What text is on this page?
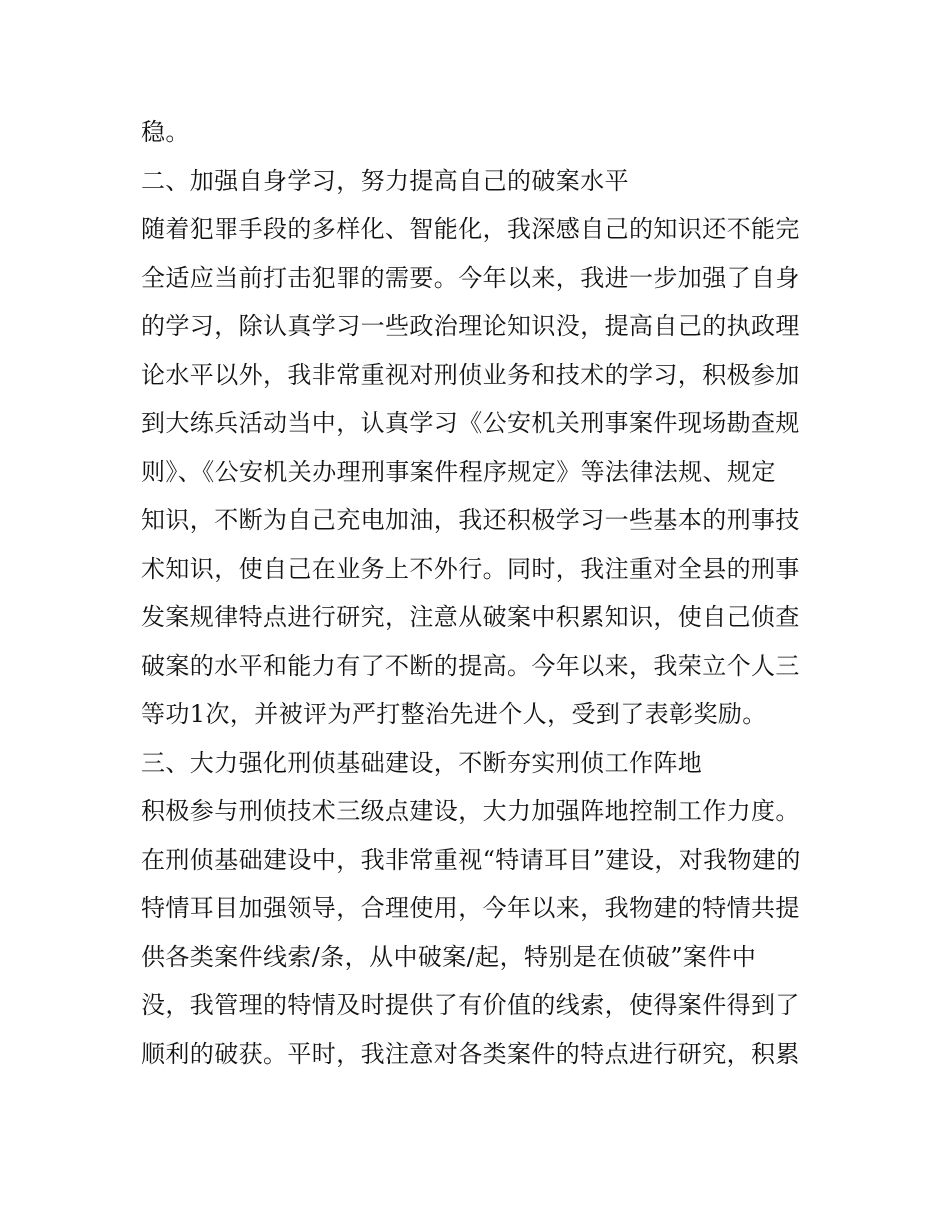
稳。
二、加强自身学习，努力提高自己的破案水平
随着犯罪手段的多样化、智能化，我深感自己的知识还不能完
全适应当前打击犯罪的需要。今年以来，我进一步加强了自身
的学习，除认真学习一些政治理论知识没，提高自己的执政理
论水平以外，我非常重视对刑侦业务和技术的学习，积极参加
到大练兵活动当中，认真学习《公安机关刑事案件现场勘查规
则》、《公安机关办理刑事案件程序规定》等法律法规、规定
知识，不断为自己充电加油，我还积极学习一些基本的刑事技
术知识，使自己在业务上不外行。同时，我注重对全县的刑事
发案规律特点进行研究，注意从破案中积累知识，使自己侦查
破案的水平和能力有了不断的提高。今年以来，我荣立个人三
等功1次，并被评为严打整治先进个人，受到了表彰奖励。
三、大力强化刑侦基础建设，不断夯实刑侦工作阵地
积极参与刑侦技术三级点建设，大力加强阵地控制工作力度。
在刑侦基础建设中，我非常重视“特请耳目”建设，对我物建的
特情耳目加强领导，合理使用，今年以来，我物建的特情共提
供各类案件线索/条，从中破案/起，特别是在侦破”案件中
没，我管理的特情及时提供了有价值的线索，使得案件得到了
顺利的破获。平时，我注意对各类案件的特点进行研究，积累
